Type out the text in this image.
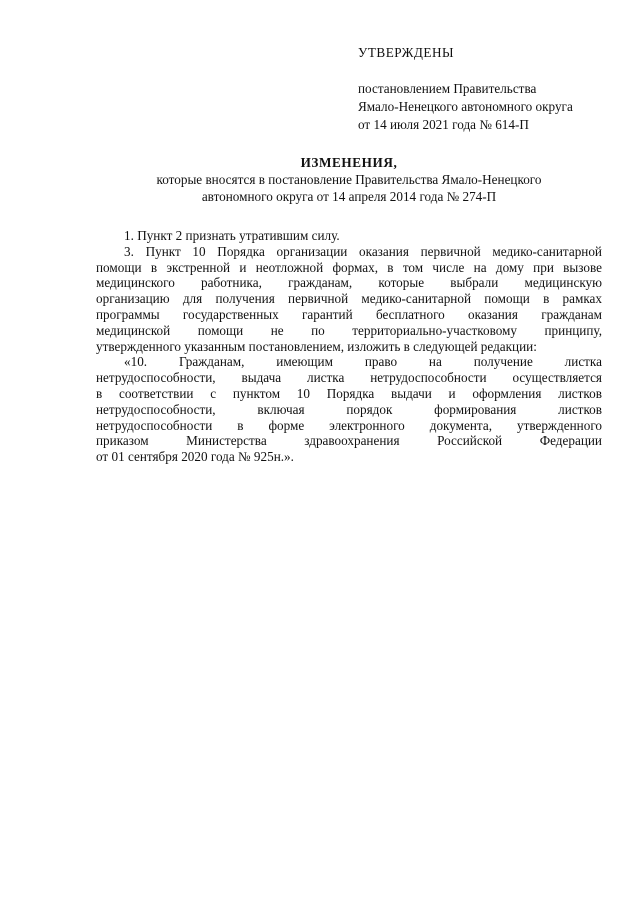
УТВЕРЖДЕНЫ
постановлением Правительства
Ямало-Ненецкого автономного округа
от 14 июля 2021 года № 614-П
ИЗМЕНЕНИЯ,
которые вносятся в постановление Правительства Ямало-Ненецкого
автономного округа от 14 апреля 2014 года № 274-П

1. Пункт 2 признать утратившим силу.

3. Пункт 10 Порядка организации оказания первичной медико-санитарной
помощи в экстренной и неотложной формах, в том числе на дому при вызове
медицинского работника, гражданам, которые выбрали медицинскую
организацию для получения первичной медико-санитарной помощи в рамках
программы государственных гарантий бесплатного оказания гражданам
медицинской помощи не по территориально-участковому принципу,
утвержденного указанным постановлением, изложить в следующей редакции:

«10. Гражданам, имеющим право на получение листка
нетрудоспособности, выдача листка нетрудоспособности осуществляется
в соответствии с пунктом 10 Порядка выдачи и оформления листков
нетрудоспособности, включая порядок формирования листков
нетрудоспособности в форме электронного документа, утвержденного
приказом Министерства здравоохранения Российской Федерации
от 01 сентября 2020 года № 925н.».
